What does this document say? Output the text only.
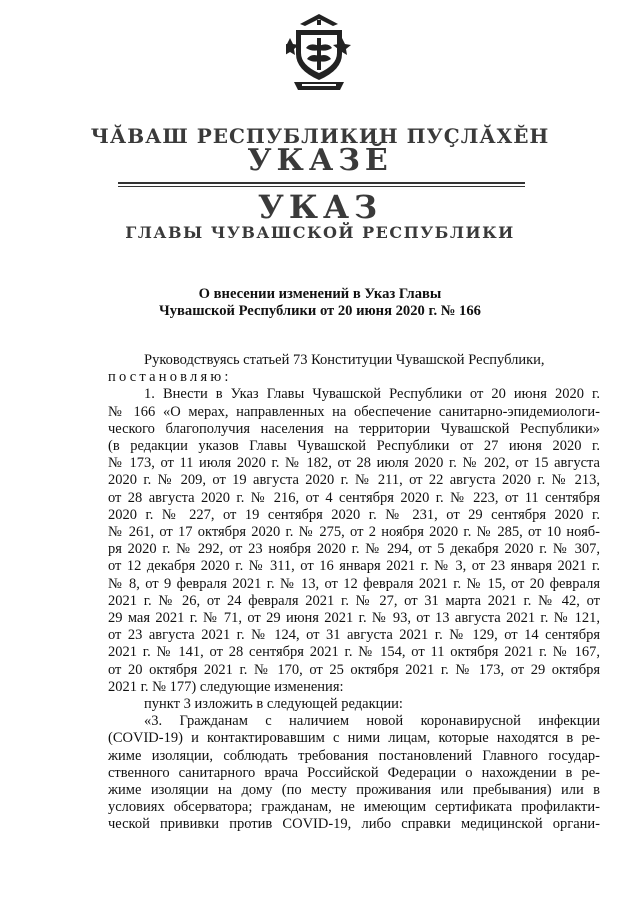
ЧӐВАШ РЕСПУБЛИКИН ПУҪЛӐХӖН
УКАЗӖ
УКАЗ
ГЛАВЫ ЧУВАШСКОЙ РЕСПУБЛИКИ
О внесении изменений в Указ Главы
Чувашской Республики от 20 июня 2020 г. № 166

Руководствуясь статьей 73 Конституции Чувашской Республики,

постановляю:

1. Внести в Указ Главы Чувашской Республики от 20 июня 2020 г.
№ 166 «О мерах, направленных на обеспечение санитарно-эпидемиологи-
ческого благополучия населения на территории Чувашской Республики»
(в редакции указов Главы Чувашской Республики от 27 июня 2020 г.
№ 173, от 11 июля 2020 г. № 182, от 28 июля 2020 г. № 202, от 15 августа
2020 г. № 209, от 19 августа 2020 г. № 211, от 22 августа 2020 г. № 213,
от 28 августа 2020 г. № 216, от 4 сентября 2020 г. № 223, от 11 сентября
2020 г. № 227, от 19 сентября 2020 г. № 231, от 29 сентября 2020 г.
№ 261, от 17 октября 2020 г. № 275, от 2 ноября 2020 г. № 285, от 10 нояб-
ря 2020 г. № 292, от 23 ноября 2020 г. № 294, от 5 декабря 2020 г. № 307,
от 12 декабря 2020 г. № 311, от 16 января 2021 г. № 3, от 23 января 2021 г.
№ 8, от 9 февраля 2021 г. № 13, от 12 февраля 2021 г. № 15, от 20 февраля
2021 г. № 26, от 24 февраля 2021 г. № 27, от 31 марта 2021 г. № 42, от
29 мая 2021 г. № 71, от 29 июня 2021 г. № 93, от 13 августа 2021 г. № 121,
от 23 августа 2021 г. № 124, от 31 августа 2021 г. № 129, от 14 сентября
2021 г. № 141, от 28 сентября 2021 г. № 154, от 11 октября 2021 г. № 167,
от 20 октября 2021 г. № 170, от 25 октября 2021 г. № 173, от 29 октября
2021 г. № 177) следующие изменения:

пункт 3 изложить в следующей редакции:

«3. Гражданам с наличием новой коронавирусной инфекции
(COVID-19) и контактировавшим с ними лицам, которые находятся в ре-
жиме изоляции, соблюдать требования постановлений Главного государ-
ственного санитарного врача Российской Федерации о нахождении в ре-
жиме изоляции на дому (по месту проживания или пребывания) или в
условиях обсерватора; гражданам, не имеющим сертификата профилакти-
ческой прививки против COVID-19, либо справки медицинской органи-
